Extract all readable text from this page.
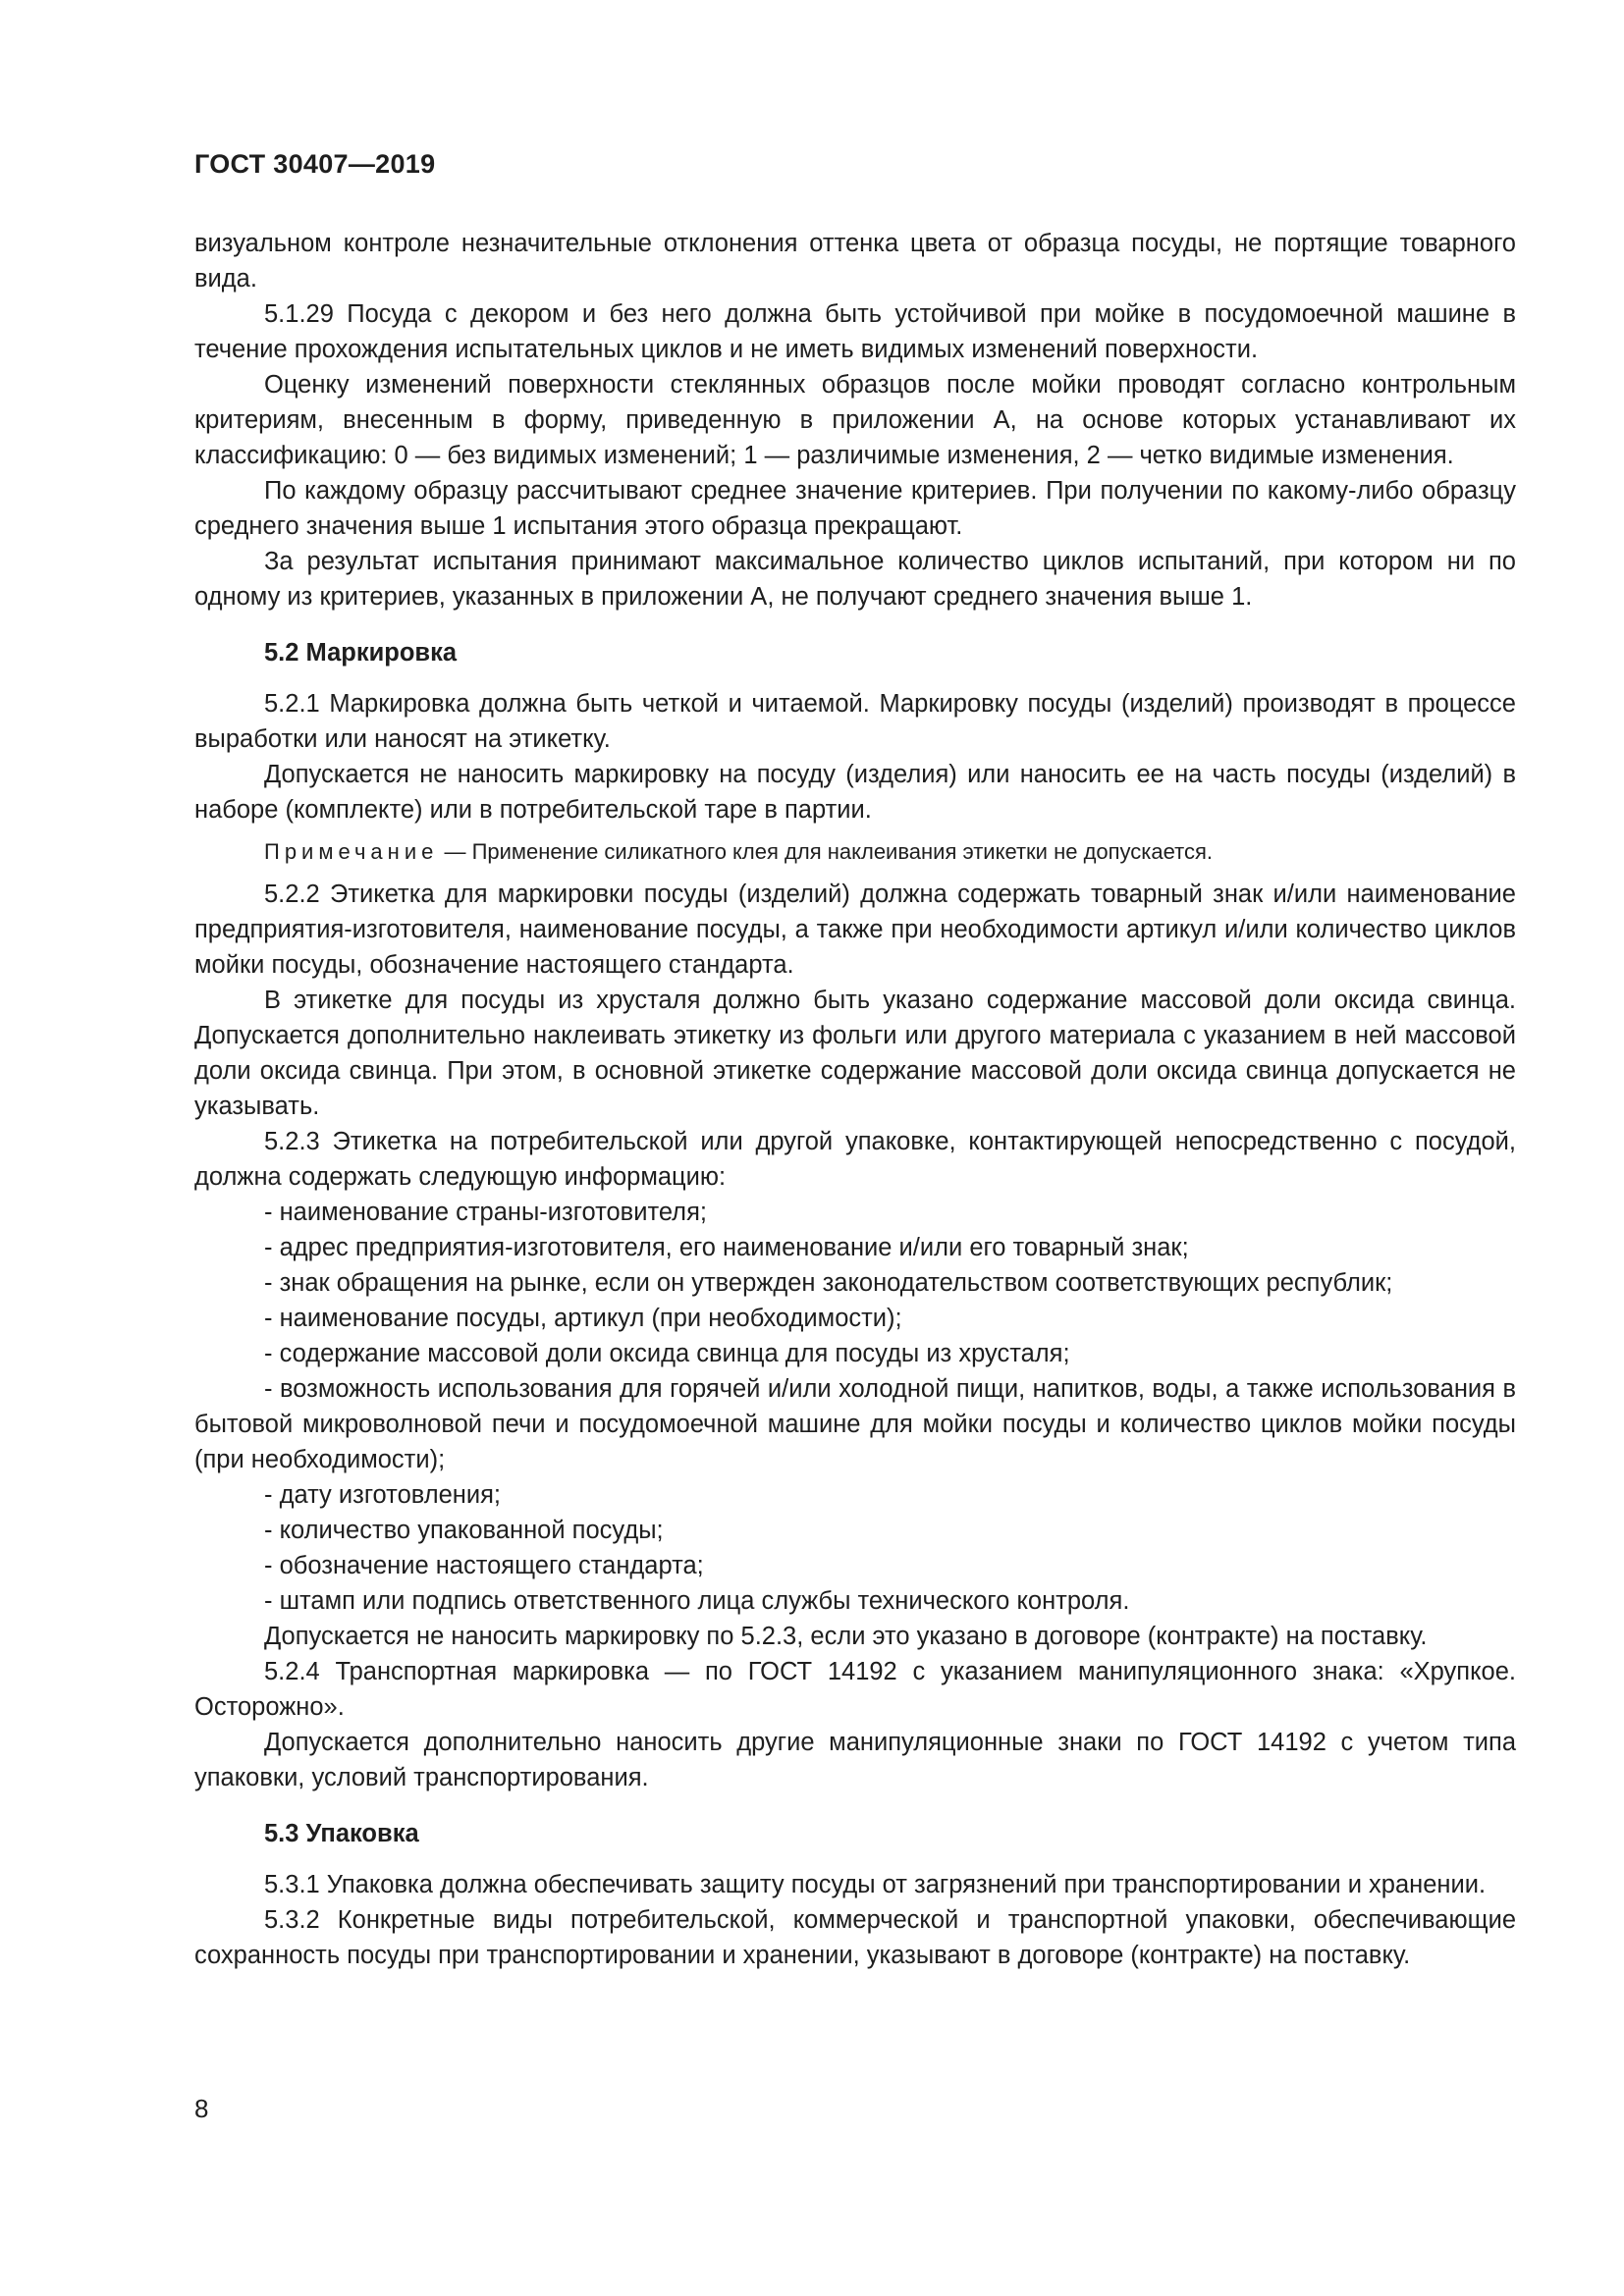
ГОСТ 30407—2019

визуальном контроле незначительные отклонения оттенка цвета от образца посуды, не портящие товарного вида.

5.1.29 Посуда с декором и без него должна быть устойчивой при мойке в посудомоечной машине в течение прохождения испытательных циклов и не иметь видимых изменений поверхности.

Оценку изменений поверхности стеклянных образцов после мойки проводят согласно контрольным критериям, внесенным в форму, приведенную в приложении А, на основе которых устанавливают их классификацию: 0 — без видимых изменений; 1 — различимые изменения, 2 — четко видимые изменения.

По каждому образцу рассчитывают среднее значение критериев. При получении по какому-либо образцу среднего значения выше 1 испытания этого образца прекращают.

За результат испытания принимают максимальное количество циклов испытаний, при котором ни по одному из критериев, указанных в приложении А, не получают среднего значения выше 1.

5.2 Маркировка

5.2.1 Маркировка должна быть четкой и читаемой. Маркировку посуды (изделий) производят в процессе выработки или наносят на этикетку.

Допускается не наносить маркировку на посуду (изделия) или наносить ее на часть посуды (изделий) в наборе (комплекте) или в потребительской таре в партии.

Примечание — Применение силикатного клея для наклеивания этикетки не допускается.

5.2.2 Этикетка для маркировки посуды (изделий) должна содержать товарный знак и/или наименование предприятия-изготовителя, наименование посуды, а также при необходимости артикул и/или количество циклов мойки посуды, обозначение настоящего стандарта.

В этикетке для посуды из хрусталя должно быть указано содержание массовой доли оксида свинца. Допускается дополнительно наклеивать этикетку из фольги или другого материала с указанием в ней массовой доли оксида свинца. При этом, в основной этикетке содержание массовой доли оксида свинца допускается не указывать.

5.2.3 Этикетка на потребительской или другой упаковке, контактирующей непосредственно с посудой, должна содержать следующую информацию:

- наименование страны-изготовителя;

- адрес предприятия-изготовителя, его наименование и/или его товарный знак;

- знак обращения на рынке, если он утвержден законодательством соответствующих республик;

- наименование посуды, артикул (при необходимости);

- содержание массовой доли оксида свинца для посуды из хрусталя;

- возможность использования для горячей и/или холодной пищи, напитков, воды, а также использования в бытовой микроволновой печи и посудомоечной машине для мойки посуды и количество циклов мойки посуды (при необходимости);

- дату изготовления;

- количество упакованной посуды;

- обозначение настоящего стандарта;

- штамп или подпись ответственного лица службы технического контроля.

Допускается не наносить маркировку по 5.2.3, если это указано в договоре (контракте) на поставку.

5.2.4 Транспортная маркировка — по ГОСТ 14192 с указанием манипуляционного знака: «Хрупкое. Осторожно».

Допускается дополнительно наносить другие манипуляционные знаки по ГОСТ 14192 с учетом типа упаковки, условий транспортирования.

5.3 Упаковка

5.3.1 Упаковка должна обеспечивать защиту посуды от загрязнений при транспортировании и хранении.

5.3.2 Конкретные виды потребительской, коммерческой и транспортной упаковки, обеспечивающие сохранность посуды при транспортировании и хранении, указывают в договоре (контракте) на поставку.

8
